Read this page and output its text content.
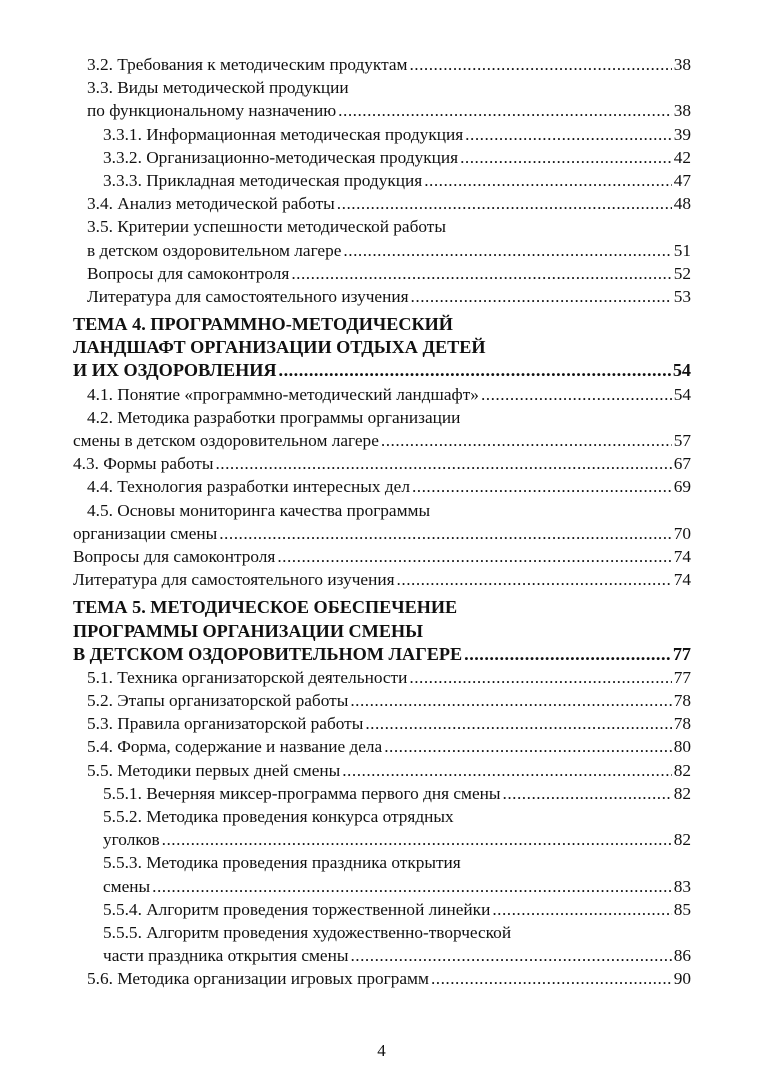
3.2. Требования к методическим продуктам .....	38
3.3. Виды методической продукции
по функциональному назначению .....	38
3.3.1. Информационная методическая продукция .....	39
3.3.2. Организационно-методическая продукция .....	42
3.3.3. Прикладная методическая продукция .....	47
3.4. Анализ методической работы .....	48
3.5. Критерии успешности методической работы
в детском оздоровительном лагере .....	51
Вопросы для самоконтроля .....	52
Литература для самостоятельного изучения .....	53
ТЕМА 4. ПРОГРАММНО-МЕТОДИЧЕСКИЙ
ЛАНДШАФТ ОРГАНИЗАЦИИ ОТДЫХА ДЕТЕЙ
И ИХ ОЗДОРОВЛЕНИЯ .....	54
4.1. Понятие «программно-методический ландшафт» .....	54
4.2. Методика разработки программы организации
смены в детском оздоровительном лагере .....	57
4.3. Формы работы .....	67
4.4. Технология разработки интересных дел .....	69
4.5. Основы мониторинга качества программы
организации смены .....	70
Вопросы для самоконтроля .....	74
Литература для самостоятельного изучения .....	74
ТЕМА 5. МЕТОДИЧЕСКОЕ ОБЕСПЕЧЕНИЕ
ПРОГРАММЫ ОРГАНИЗАЦИИ СМЕНЫ
В ДЕТСКОМ ОЗДОРОВИТЕЛЬНОМ ЛАГЕРЕ .....	77
5.1. Техника организаторской деятельности .....	77
5.2. Этапы организаторской работы .....	78
5.3. Правила организаторской работы .....	78
5.4. Форма, содержание и название дела .....	80
5.5. Методики первых дней смены .....	82
5.5.1. Вечерняя миксер-программа первого дня смены .....	82
5.5.2. Методика проведения конкурса отрядных
уголков .....	82
5.5.3. Методика проведения праздника открытия
смены .....	83
5.5.4. Алгоритм проведения торжественной линейки .....	85
5.5.5. Алгоритм проведения художественно-творческой
части праздника открытия смены .....	86
5.6. Методика организации игровых программ .....	90
4
